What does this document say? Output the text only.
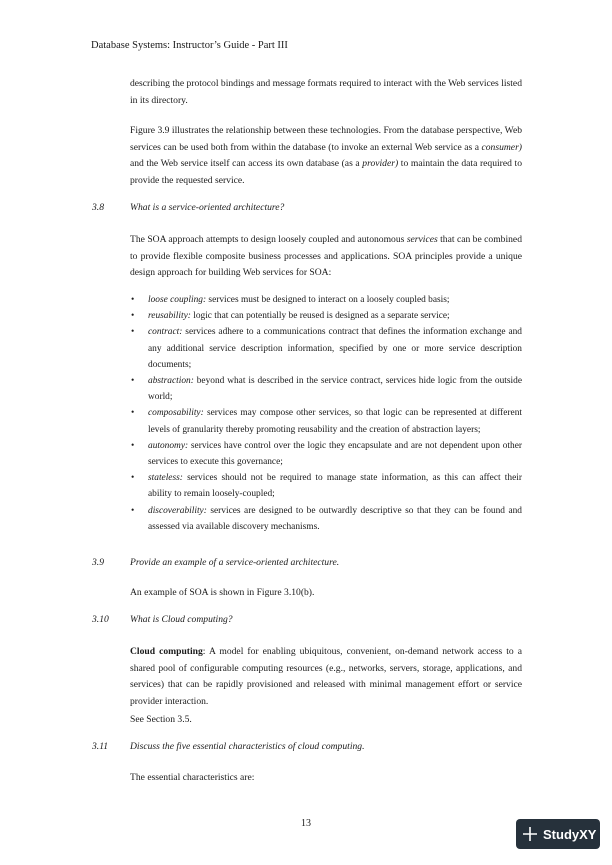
Database Systems: Instructor’s Guide - Part III
describing the protocol bindings and message formats required to interact with the Web services listed in its directory.
Figure 3.9 illustrates the relationship between these technologies. From the database perspective, Web services can be used both from within the database (to invoke an external Web service as a consumer) and the Web service itself can access its own database (as a provider) to maintain the data required to provide the requested service.
3.8	What is a service-oriented architecture?
The SOA approach attempts to design loosely coupled and autonomous services that can be combined to provide flexible composite business processes and applications. SOA principles provide a unique design approach for building Web services for SOA:
• loose coupling: services must be designed to interact on a loosely coupled basis;
• reusability: logic that can potentially be reused is designed as a separate service;
• contract: services adhere to a communications contract that defines the information exchange and any additional service description information, specified by one or more service description documents;
• abstraction: beyond what is described in the service contract, services hide logic from the outside world;
• composability: services may compose other services, so that logic can be represented at different levels of granularity thereby promoting reusability and the creation of abstraction layers;
• autonomy: services have control over the logic they encapsulate and are not dependent upon other services to execute this governance;
• stateless: services should not be required to manage state information, as this can affect their ability to remain loosely-coupled;
• discoverability: services are designed to be outwardly descriptive so that they can be found and assessed via available discovery mechanisms.
3.9	Provide an example of a service-oriented architecture.
An example of SOA is shown in Figure 3.10(b).
3.10 What is Cloud computing?
Cloud computing: A model for enabling ubiquitous, convenient, on-demand network access to a shared pool of configurable computing resources (e.g., networks, servers, storage, applications, and services) that can be rapidly provisioned and released with minimal management effort or service provider interaction.
See Section 3.5.
3.11 Discuss the five essential characteristics of cloud computing.
The essential characteristics are:
13
StudyXY
